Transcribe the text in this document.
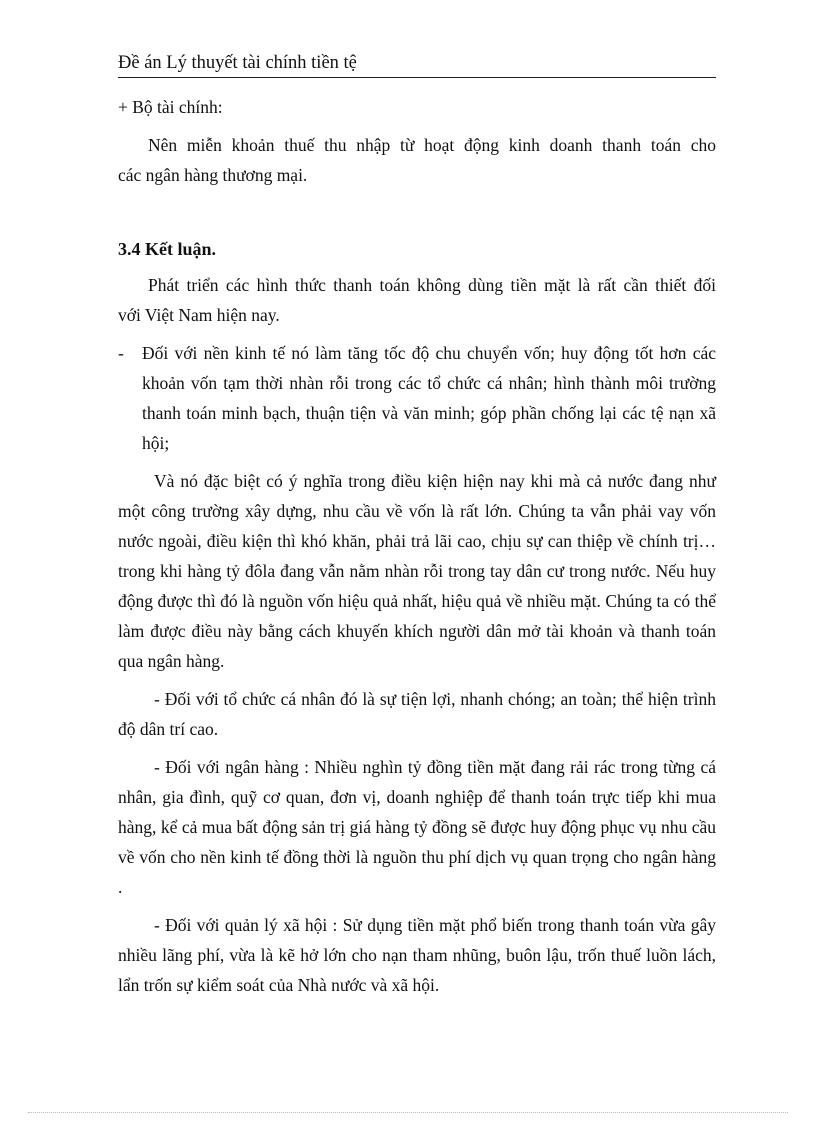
Đề án Lý thuyết tài chính tiền tệ
+ Bộ tài chính:
Nên miễn khoản thuế thu nhập từ hoạt động kinh doanh thanh toán cho
các ngân hàng thương mại.
3.4 Kết luận.
Phát triển các hình thức thanh toán không dùng tiền mặt là rất cần thiết đối
với Việt Nam hiện nay.
- Đối với nền kinh tế nó làm tăng tốc độ chu chuyển vốn; huy động tốt hơn các khoản vốn tạm thời nhàn rỗi trong các tổ chức cá nhân; hình thành môi trường thanh toán minh bạch, thuận tiện và văn minh; góp phần chống lại các tệ nạn xã hội;
Và nó đặc biệt có ý nghĩa trong điều kiện hiện nay khi mà cả nước đang như một công trường xây dựng, nhu cầu về vốn là rất lớn. Chúng ta vẫn phải vay vốn nước ngoài, điều kiện thì khó khăn, phải trả lãi cao, chịu sự can thiệp về chính trị… trong khi hàng tỷ đôla đang vẫn nằm nhàn rỗi trong tay dân cư trong nước. Nếu huy động được thì đó là nguồn vốn hiệu quả nhất, hiệu quả về nhiều mặt. Chúng ta có thể làm được điều này bằng cách khuyến khích người dân mở tài khoản và thanh toán qua ngân hàng.
- Đối với tổ chức cá nhân đó là sự tiện lợi, nhanh chóng; an toàn; thể hiện trình độ dân trí cao.
- Đối với ngân hàng : Nhiều nghìn tỷ đồng tiền mặt đang rải rác trong từng cá nhân, gia đình, quỹ cơ quan, đơn vị, doanh nghiệp để thanh toán trực tiếp khi mua hàng, kể cả mua bất động sản trị giá hàng tỷ đồng sẽ được huy động phục vụ nhu cầu về vốn cho nền kinh tế đồng thời là nguồn thu phí dịch vụ quan trọng cho ngân hàng .
- Đối với quản lý xã hội : Sử dụng tiền mặt phổ biến trong thanh toán vừa gây nhiều lãng phí, vừa là kẽ hở lớn cho nạn tham nhũng, buôn lậu, trốn thuế luồn lách, lẩn trốn sự kiểm soát của Nhà nước và xã hội.
